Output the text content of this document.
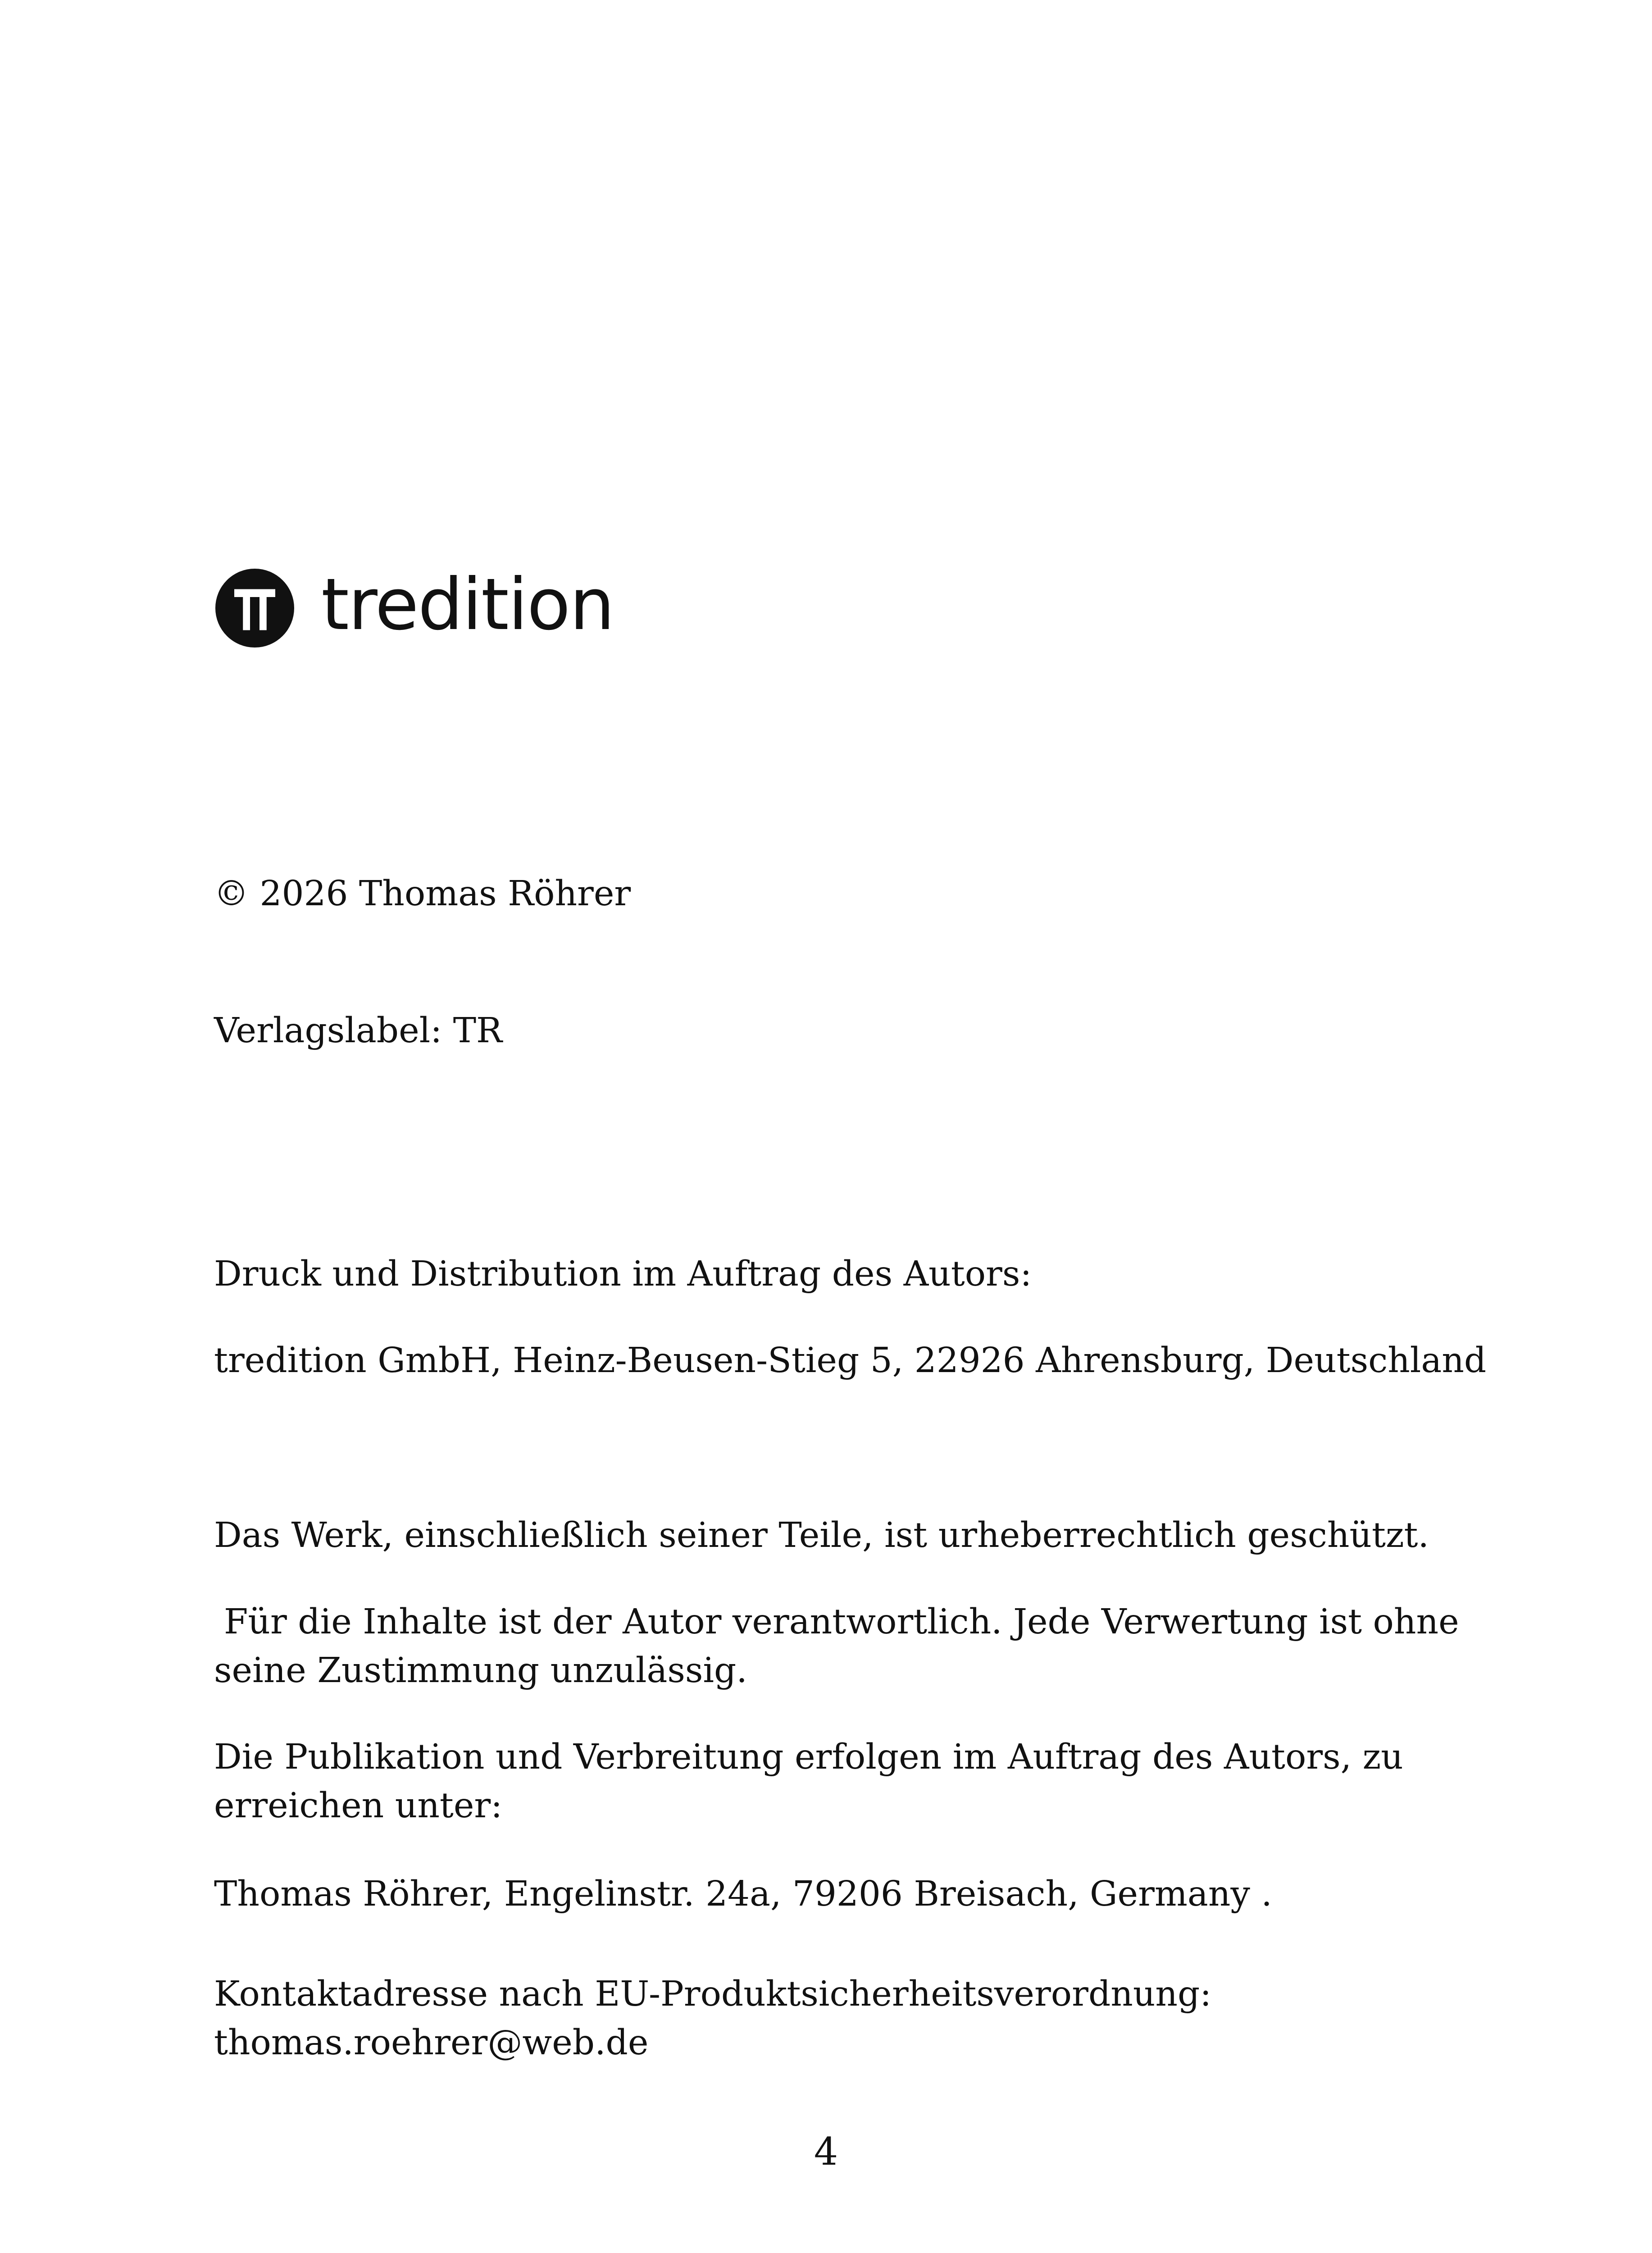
tredition
© 2026 Thomas Röhrer
Verlagslabel: TR
Druck und Distribution im Auftrag des Autors:
tredition GmbH, Heinz-Beusen-Stieg 5, 22926 Ahrensburg, Deutschland
Das Werk, einschließlich seiner Teile, ist urheberrechtlich geschützt.
Für die Inhalte ist der Autor verantwortlich. Jede Verwertung ist ohne
seine Zustimmung unzulässig.
Die Publikation und Verbreitung erfolgen im Auftrag des Autors, zu
erreichen unter:
Thomas Röhrer, Engelinstr. 24a, 79206 Breisach, Germany .
Kontaktadresse nach EU-Produktsicherheitsverordnung:
thomas.roehrer@web.de
4
